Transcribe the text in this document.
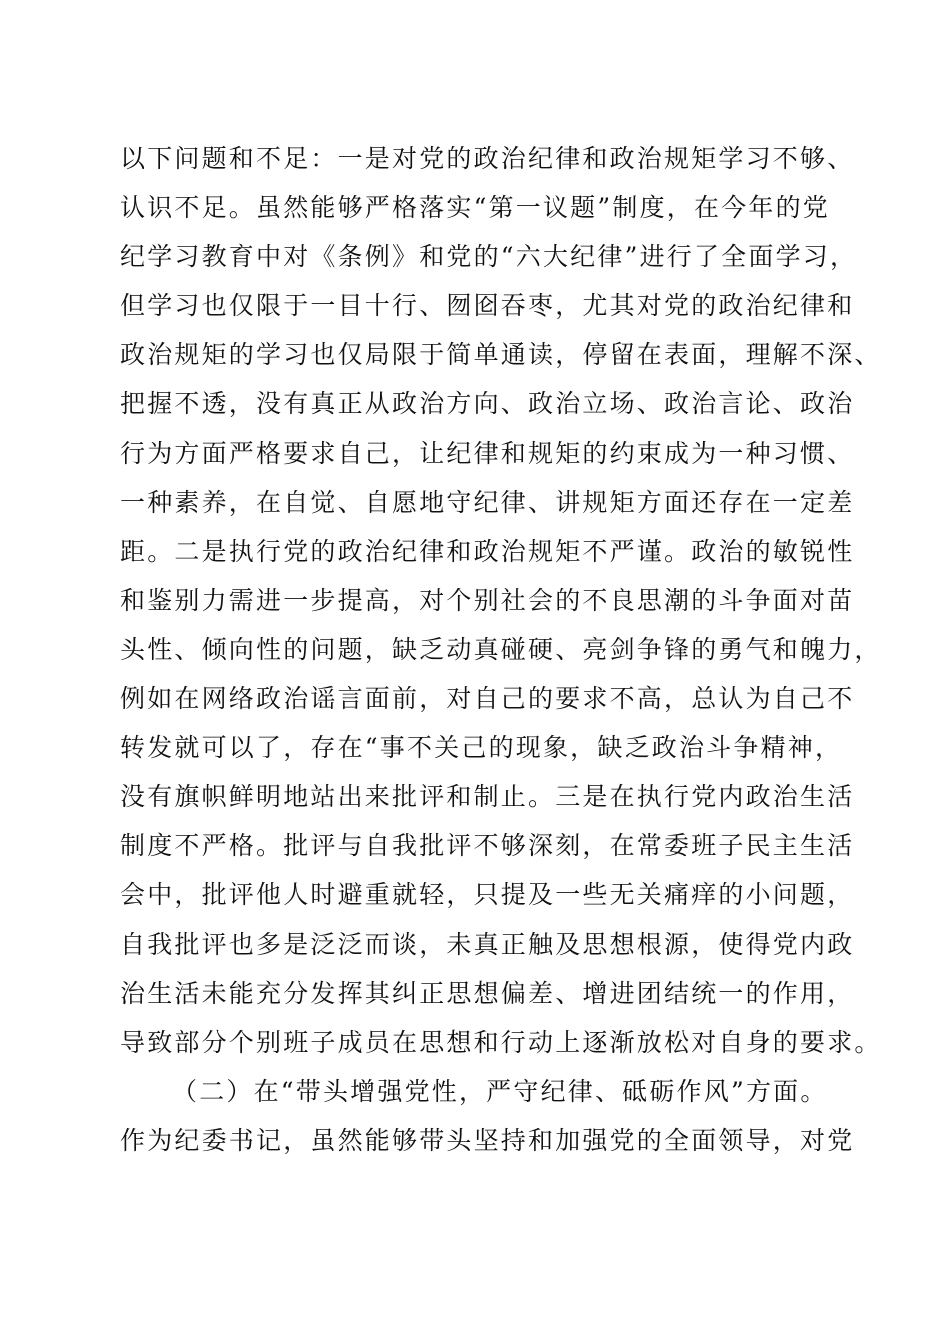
以下问题和不足：一是对党的政治纪律和政治规矩学习不够、
认识不足。虽然能够严格落实“第一议题”制度，在今年的党
纪学习教育中对《条例》和党的“六大纪律”进行了全面学习，
但学习也仅限于一目十行、囫囵吞枣，尤其对党的政治纪律和
政治规矩的学习也仅局限于简单通读，停留在表面，理解不深、
把握不透，没有真正从政治方向、政治立场、政治言论、政治
行为方面严格要求自己，让纪律和规矩的约束成为一种习惯、
一种素养，在自觉、自愿地守纪律、讲规矩方面还存在一定差
距。二是执行党的政治纪律和政治规矩不严谨。政治的敏锐性
和鉴别力需进一步提高，对个别社会的不良思潮的斗争面对苗
头性、倾向性的问题，缺乏动真碰硬、亮剑争锋的勇气和魄力，
例如在网络政治谣言面前，对自己的要求不高，总认为自己不
转发就可以了，存在“事不关己的现象，缺乏政治斗争精神，
没有旗帜鲜明地站出来批评和制止。三是在执行党内政治生活
制度不严格。批评与自我批评不够深刻，在常委班子民主生活
会中，批评他人时避重就轻，只提及一些无关痛痒的小问题，
自我批评也多是泛泛而谈，未真正触及思想根源，使得党内政
治生活未能充分发挥其纠正思想偏差、增进团结统一的作用，
导致部分个别班子成员在思想和行动上逐渐放松对自身的要求。
（二）在“带头增强党性，严守纪律、砥砺作风”方面。
作为纪委书记，虽然能够带头坚持和加强党的全面领导，对党
